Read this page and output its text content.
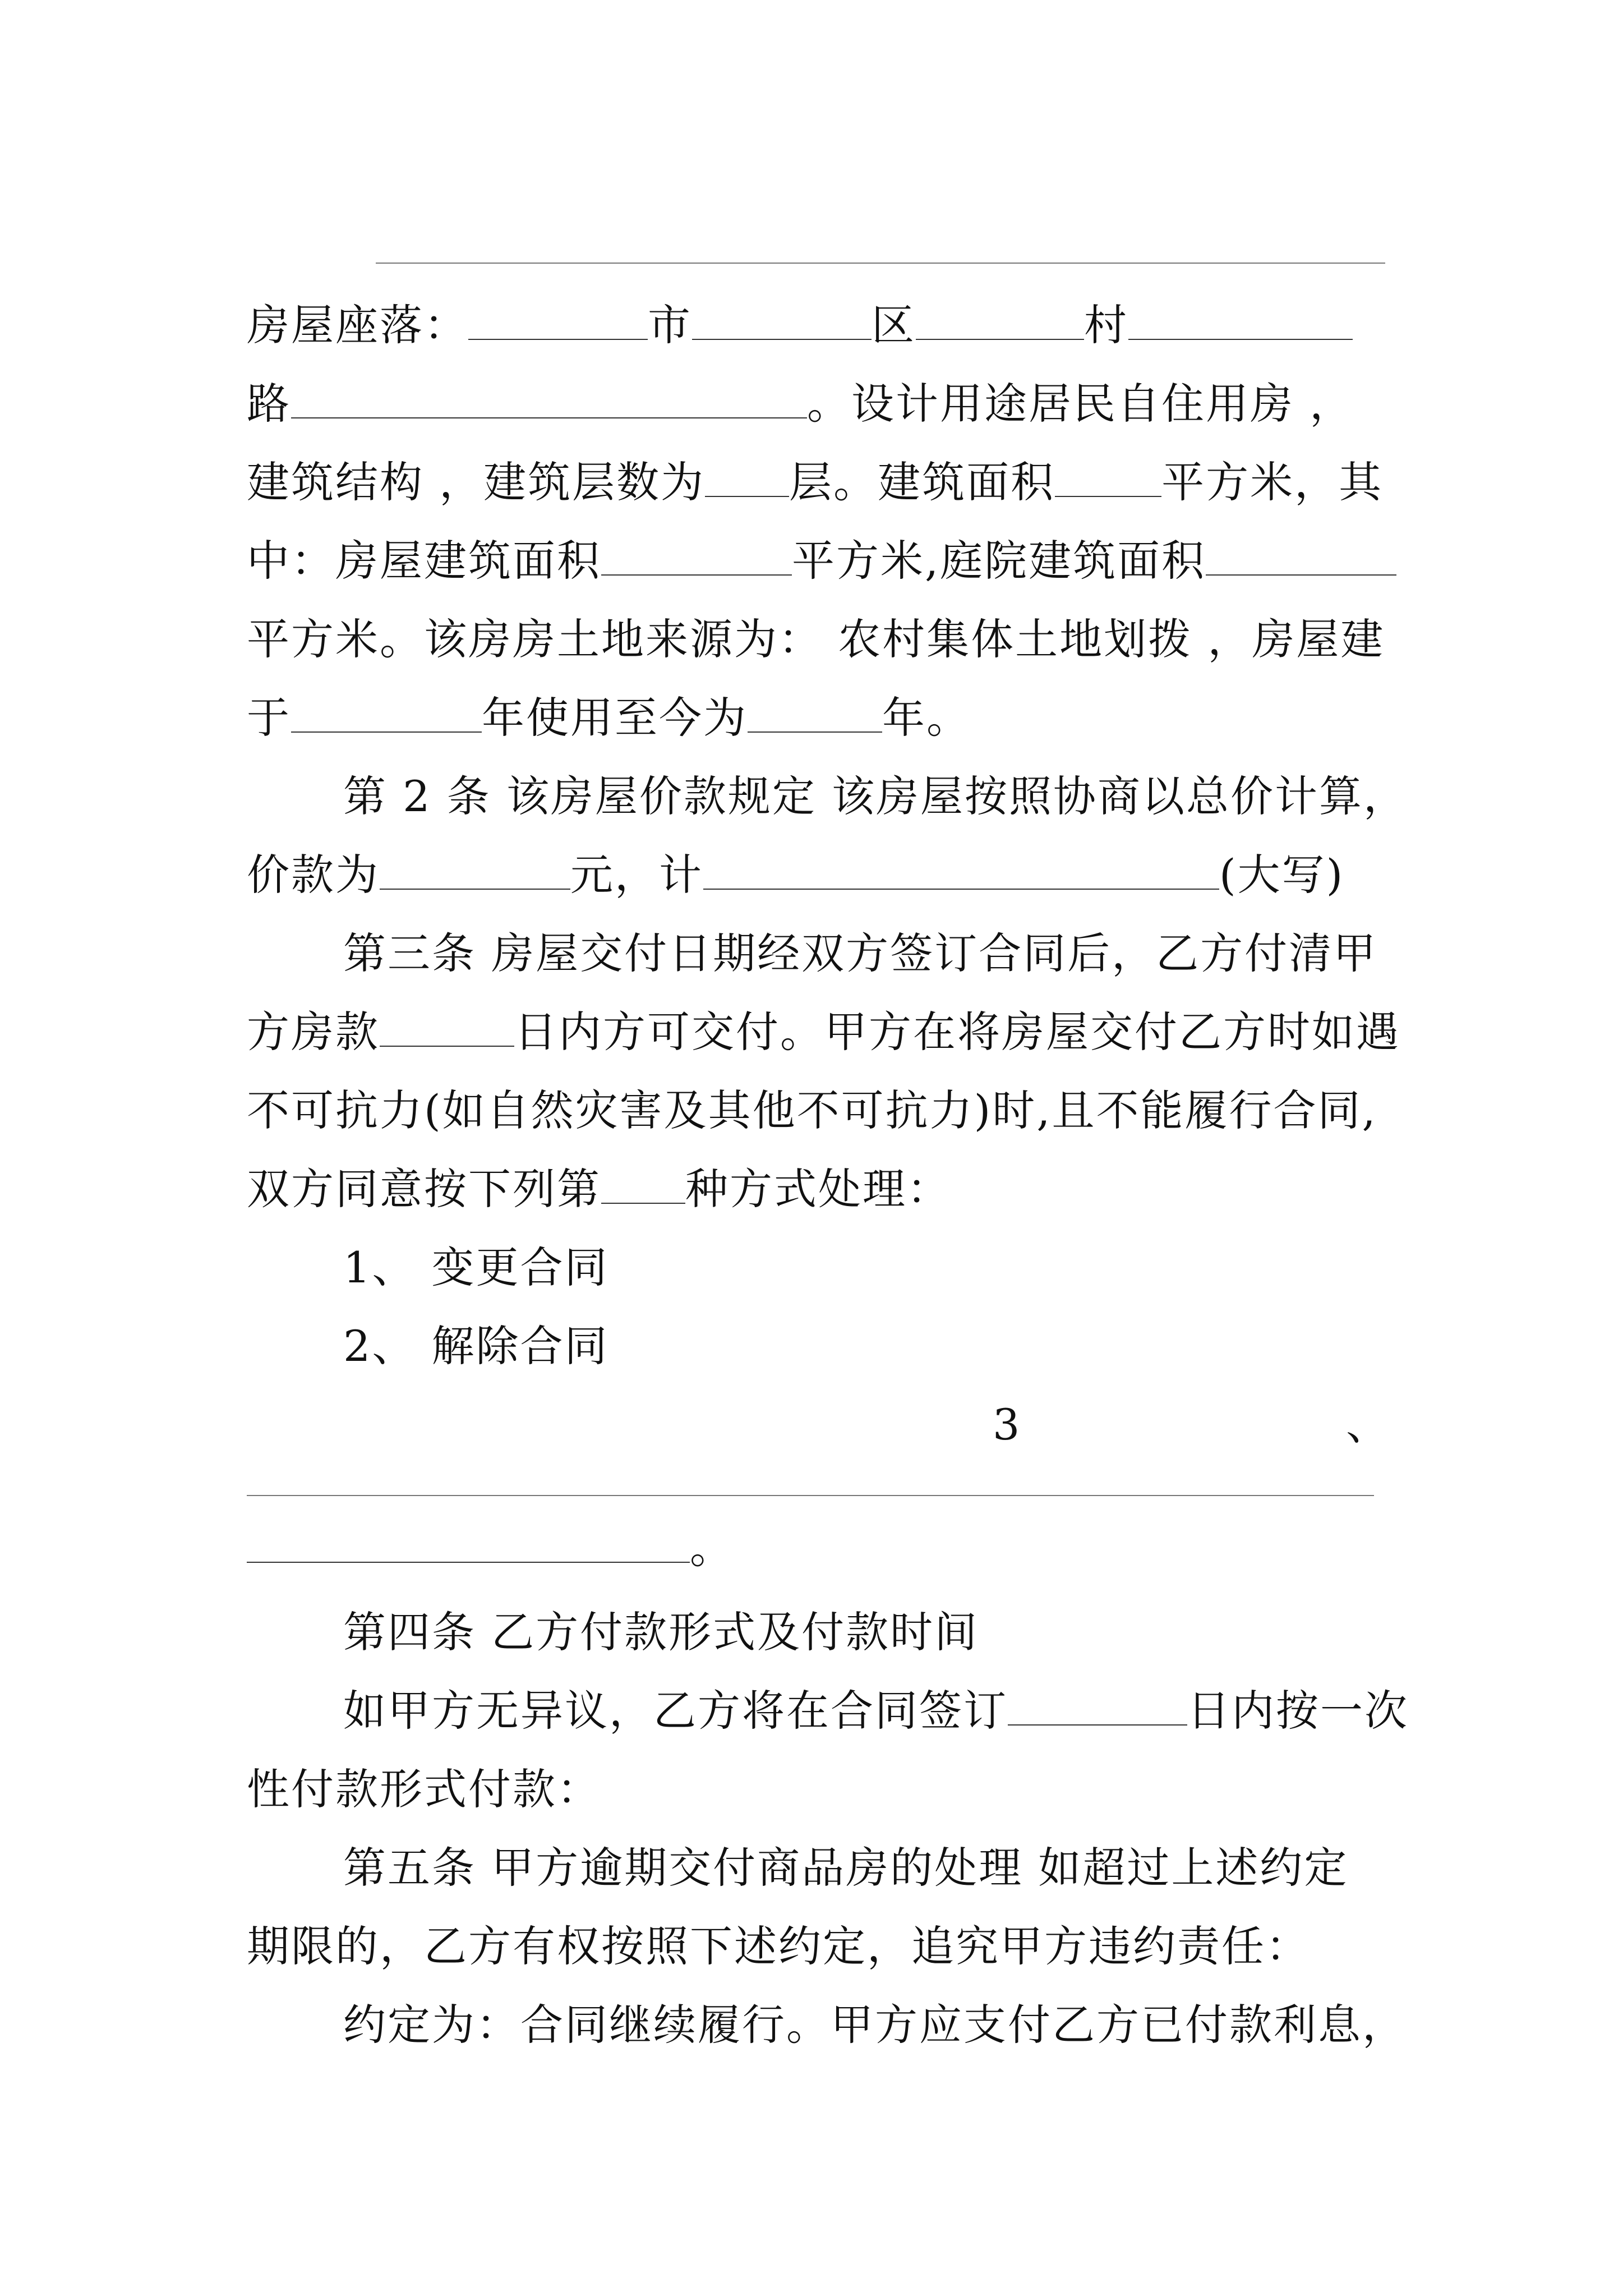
房屋座落：	市	区	村
路	。设计用途居民自住用房 ，
建筑结构 ，建筑层数为 层。建筑面积	平方米，其
中：房屋建筑面积	平方米,庭院建筑面积
平方米。该房房土地来源为： 农村集体土地划拨 ，房屋建
于	年使用至今为	年。
第 2 条 该房屋价款规定 该房屋按照协商以总价计算，
价款为	元，计	(大写)
第三条 房屋交付日期经双方签订合同后，乙方付清甲
方房款	日内方可交付。甲方在将房屋交付乙方时如遇
不可抗力(如自然灾害及其他不可抗力)时,且不能履行合同,
双方同意按下列第 种方式处理：
1、 变更合同
2、 解除合同
3	、
。
第四条 乙方付款形式及付款时间
如甲方无异议，乙方将在合同签订	日内按一次
性付款形式付款：
第五条 甲方逾期交付商品房的处理 如超过上述约定
期限的，乙方有权按照下述约定，追究甲方违约责任：
约定为：合同继续履行。甲方应支付乙方已付款利息，
